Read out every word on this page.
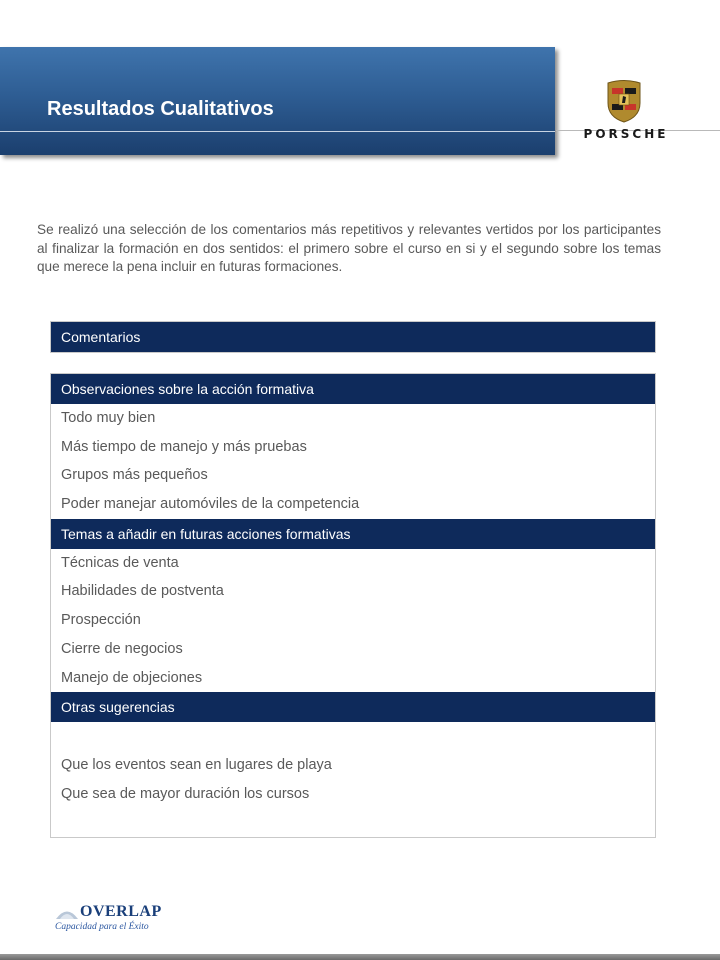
Resultados Cualitativos
PORSCHE

Se realizó una selección de los comentarios más repetitivos y relevantes vertidos por los participantes al finalizar la formación en dos sentidos: el primero sobre el curso en si y el segundo sobre los temas que merece la pena incluir en futuras formaciones.

Comentarios
Observaciones sobre la acción formativa
Todo muy bien
Más tiempo de manejo y más pruebas
Grupos más pequeños
Poder manejar automóviles de la competencia
Temas a añadir en futuras acciones formativas
Técnicas de venta
Habilidades de postventa
Prospección
Cierre de negocios
Manejo de objeciones
Otras sugerencias
Que los eventos sean en lugares de playa
Que sea de mayor duración los cursos
OVERLAP
Capacidad para el Éxito
